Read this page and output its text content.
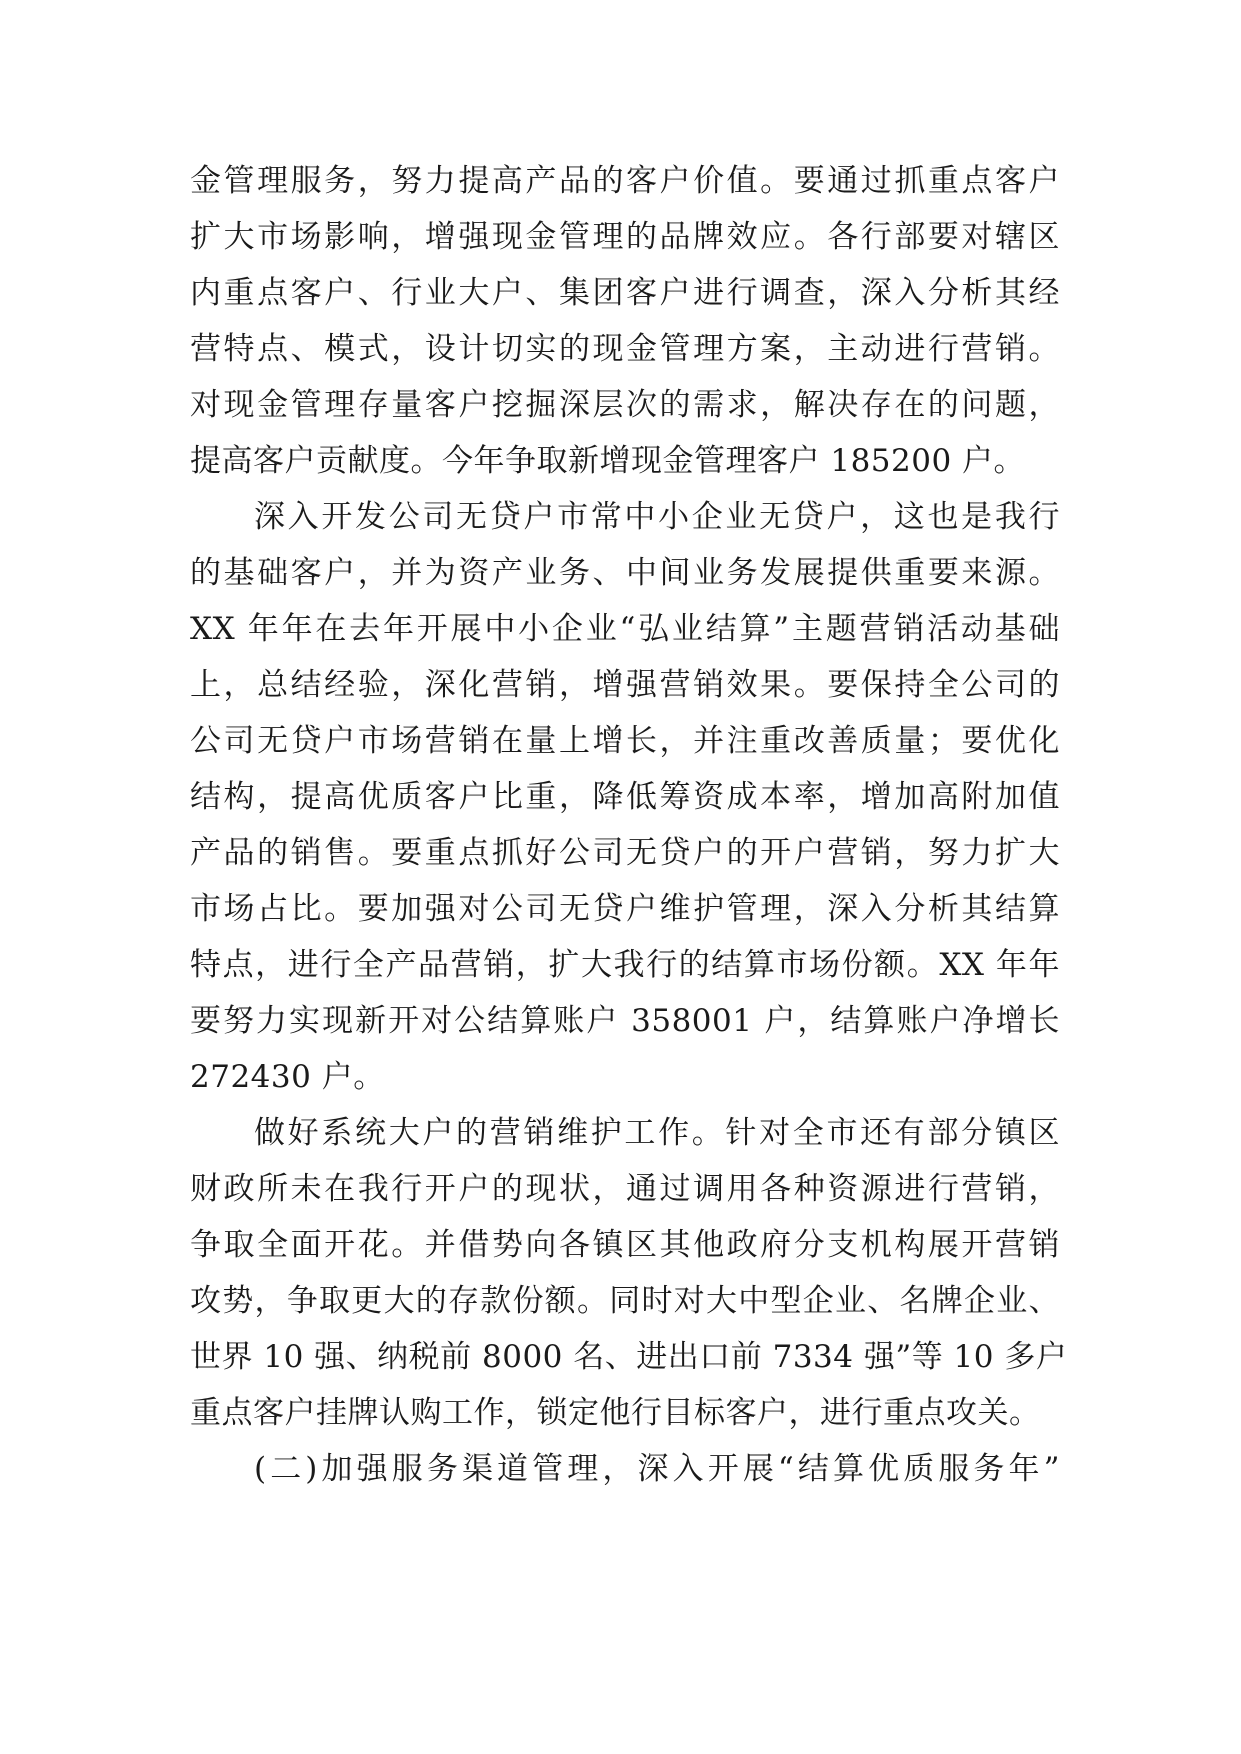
金管理服务，努力提高产品的客户价值。要通过抓重点客户
扩大市场影响，增强现金管理的品牌效应。各行部要对辖区
内重点客户、行业大户、集团客户进行调查，深入分析其经
营特点、模式，设计切实的现金管理方案，主动进行营销。
对现金管理存量客户挖掘深层次的需求，解决存在的问题，
提高客户贡献度。今年争取新增现金管理客户 185200 户。
深入开发公司无贷户市常中小企业无贷户，这也是我行
的基础客户，并为资产业务、中间业务发展提供重要来源。
XX 年年在去年开展中小企业“弘业结算”主题营销活动基础
上，总结经验，深化营销，增强营销效果。要保持全公司的
公司无贷户市场营销在量上增长，并注重改善质量；要优化
结构，提高优质客户比重，降低筹资成本率，增加高附加值
产品的销售。要重点抓好公司无贷户的开户营销，努力扩大
市场占比。要加强对公司无贷户维护管理，深入分析其结算
特点，进行全产品营销，扩大我行的结算市场份额。XX 年年
要努力实现新开对公结算账户 358001 户，结算账户净增长
272430 户。
做好系统大户的营销维护工作。针对全市还有部分镇区
财政所未在我行开户的现状，通过调用各种资源进行营销，
争取全面开花。并借势向各镇区其他政府分支机构展开营销
攻势，争取更大的存款份额。同时对大中型企业、名牌企业、
世界 10 强、纳税前 8000 名、进出口前 7334 强”等 10 多户
重点客户挂牌认购工作，锁定他行目标客户，进行重点攻关。
(二)加强服务渠道管理，深入开展“结算优质服务年”
